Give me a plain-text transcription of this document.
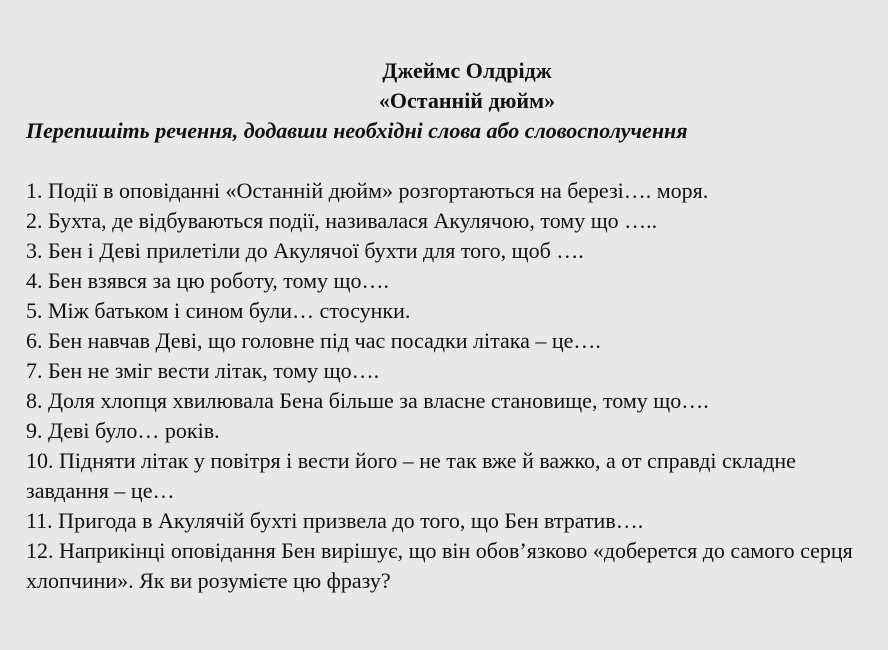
Джеймс Олдрідж

«Останній дюйм»

Перепишіть речення, додавши необхідні слова або словосполучення

1. Події в оповіданні «Останній дюйм» розгортаються на березі…. моря.
2. Бухта, де відбуваються події, називалася Акулячою, тому що …..
3. Бен і Деві прилетіли до Акулячої бухти для того, щоб ….
4. Бен взявся за цю роботу, тому що….
5. Між батьком і сином були… стосунки.
6. Бен навчав Деві, що головне під час посадки літака – це….
7. Бен не зміг вести літак, тому що….
8. Доля хлопця хвилювала Бена більше за власне становище, тому що….
9. Деві було… років.
10. Підняти літак у повітря і вести його – не так вже й важко, а от справді складне завдання – це…
11. Пригода в Акулячій бухті призвела до того, що Бен втратив….
12. Наприкінці оповідання Бен вирішує, що він обов’язково «доберется до самого серця хлопчини». Як ви розумієте цю фразу?
